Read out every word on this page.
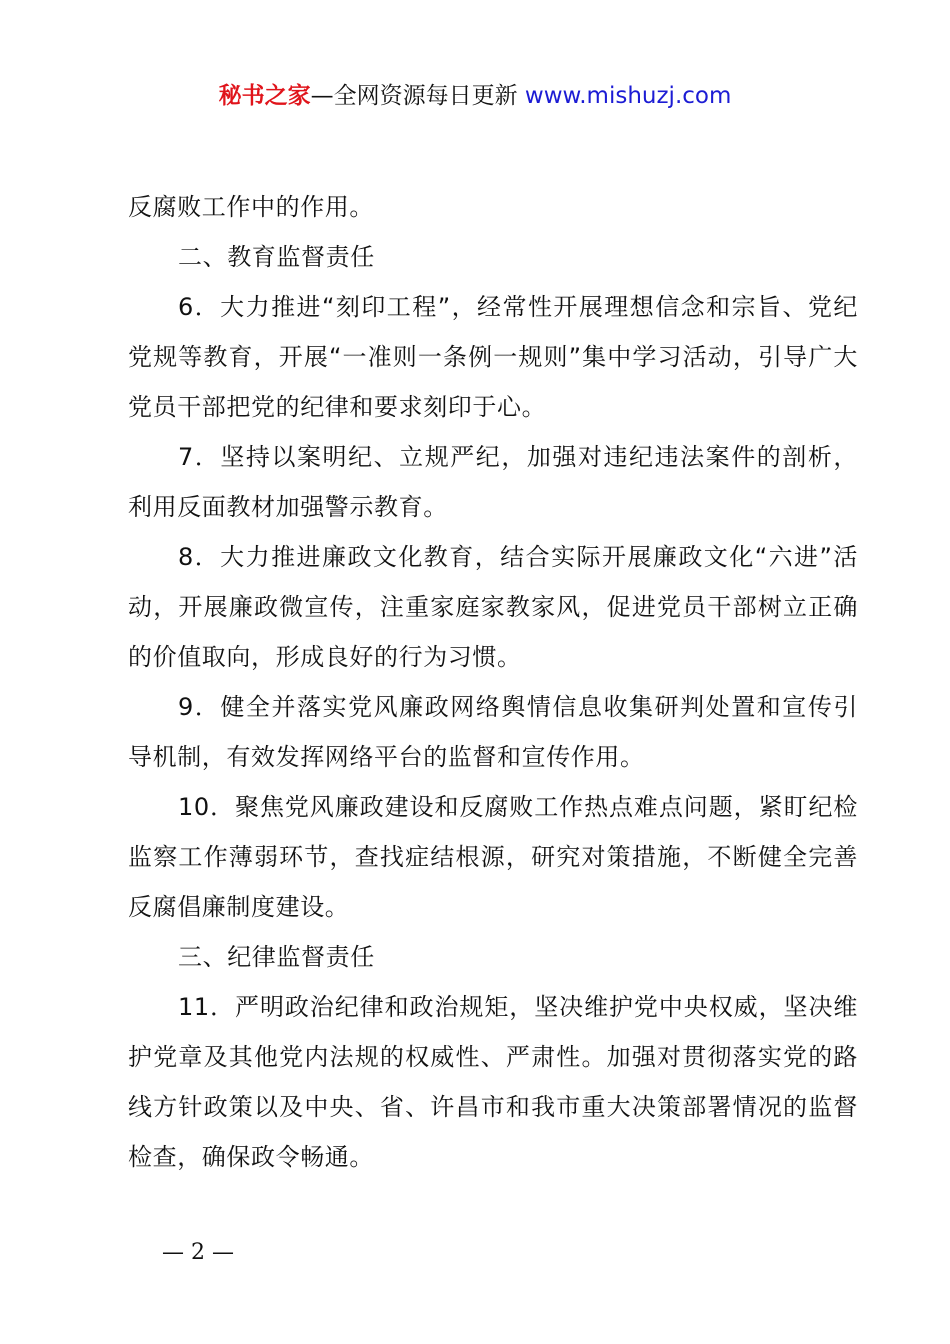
秘书之家—全网资源每日更新 www.mishuzj.com

反腐败工作中的作用。

二、教育监督责任

6．大力推进“刻印工程”，经常性开展理想信念和宗旨、党纪党规等教育，开展“一准则一条例一规则”集中学习活动，引导广大党员干部把党的纪律和要求刻印于心。

7．坚持以案明纪、立规严纪，加强对违纪违法案件的剖析，利用反面教材加强警示教育。

8．大力推进廉政文化教育，结合实际开展廉政文化“六进”活动，开展廉政微宣传，注重家庭家教家风，促进党员干部树立正确的价值取向，形成良好的行为习惯。

9．健全并落实党风廉政网络舆情信息收集研判处置和宣传引导机制，有效发挥网络平台的监督和宣传作用。

10．聚焦党风廉政建设和反腐败工作热点难点问题，紧盯纪检监察工作薄弱环节，查找症结根源，研究对策措施，不断健全完善反腐倡廉制度建设。

三、纪律监督责任

11．严明政治纪律和政治规矩，坚决维护党中央权威，坚决维护党章及其他党内法规的权威性、严肃性。加强对贯彻落实党的路线方针政策以及中央、省、许昌市和我市重大决策部署情况的监督检查，确保政令畅通。

— 2 —
